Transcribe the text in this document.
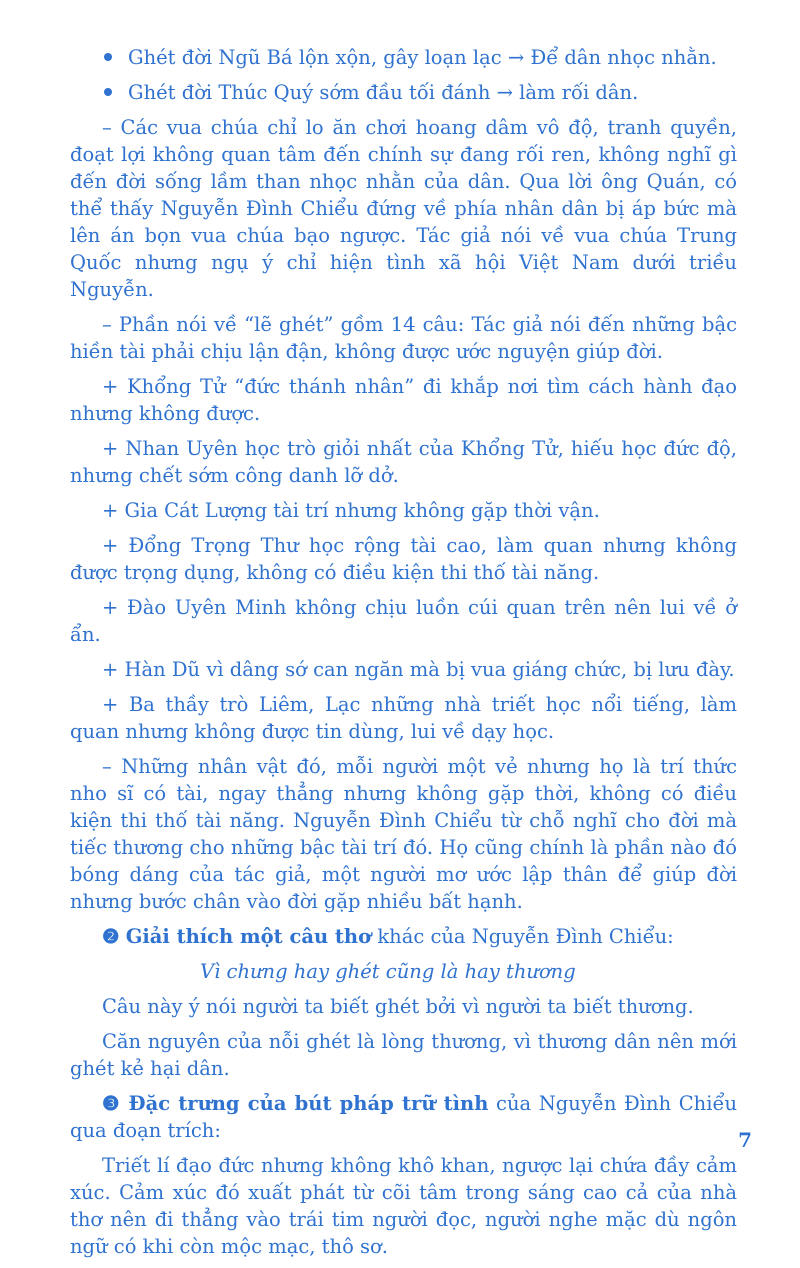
Ghét đời Ngũ Bá lộn xộn, gây loạn lạc → Để dân nhọc nhằn.
Ghét đời Thúc Quý sớm đầu tối đánh → làm rối dân.

– Các vua chúa chỉ lo ăn chơi hoang dâm vô độ, tranh quyền, đoạt lợi không quan tâm đến chính sự đang rối ren, không nghĩ gì đến đời sống lầm than nhọc nhằn của dân. Qua lời ông Quán, có thể thấy Nguyễn Đình Chiểu đứng về phía nhân dân bị áp bức mà lên án bọn vua chúa bạo ngược. Tác giả nói về vua chúa Trung Quốc nhưng ngụ ý chỉ hiện tình xã hội Việt Nam dưới triều Nguyễn.

– Phần nói về “lẽ ghét” gồm 14 câu: Tác giả nói đến những bậc hiền tài phải chịu lận đận, không được ước nguyện giúp đời.

+ Khổng Tử “đức thánh nhân” đi khắp nơi tìm cách hành đạo nhưng không được.

+ Nhan Uyên học trò giỏi nhất của Khổng Tử, hiếu học đức độ, nhưng chết sớm công danh lỡ dở.

+ Gia Cát Lượng tài trí nhưng không gặp thời vận.

+ Đổng Trọng Thư học rộng tài cao, làm quan nhưng không được trọng dụng, không có điều kiện thi thố tài năng.

+ Đào Uyên Minh không chịu luồn cúi quan trên nên lui về ở ẩn.

+ Hàn Dũ vì dâng sớ can ngăn mà bị vua giáng chức, bị lưu đày.

+ Ba thầy trò Liêm, Lạc những nhà triết học nổi tiếng, làm quan nhưng không được tin dùng, lui về dạy học.

– Những nhân vật đó, mỗi người một vẻ nhưng họ là trí thức nho sĩ có tài, ngay thẳng nhưng không gặp thời, không có điều kiện thi thố tài năng. Nguyễn Đình Chiểu từ chỗ nghĩ cho đời mà tiếc thương cho những bậc tài trí đó. Họ cũng chính là phần nào đó bóng dáng của tác giả, một người mơ ước lập thân để giúp đời nhưng bước chân vào đời gặp nhiều bất hạnh.

❷ Giải thích một câu thơ khác của Nguyễn Đình Chiểu:

Vì chưng hay ghét cũng là hay thương

Câu này ý nói người ta biết ghét bởi vì người ta biết thương.

Căn nguyên của nỗi ghét là lòng thương, vì thương dân nên mới ghét kẻ hại dân.

❸ Đặc trưng của bút pháp trữ tình của Nguyễn Đình Chiểu qua đoạn trích:

Triết lí đạo đức nhưng không khô khan, ngược lại chứa đầy cảm xúc. Cảm xúc đó xuất phát từ cõi tâm trong sáng cao cả của nhà thơ nên đi thẳng vào trái tim người đọc, người nghe mặc dù ngôn ngữ có khi còn mộc mạc, thô sơ.

7
